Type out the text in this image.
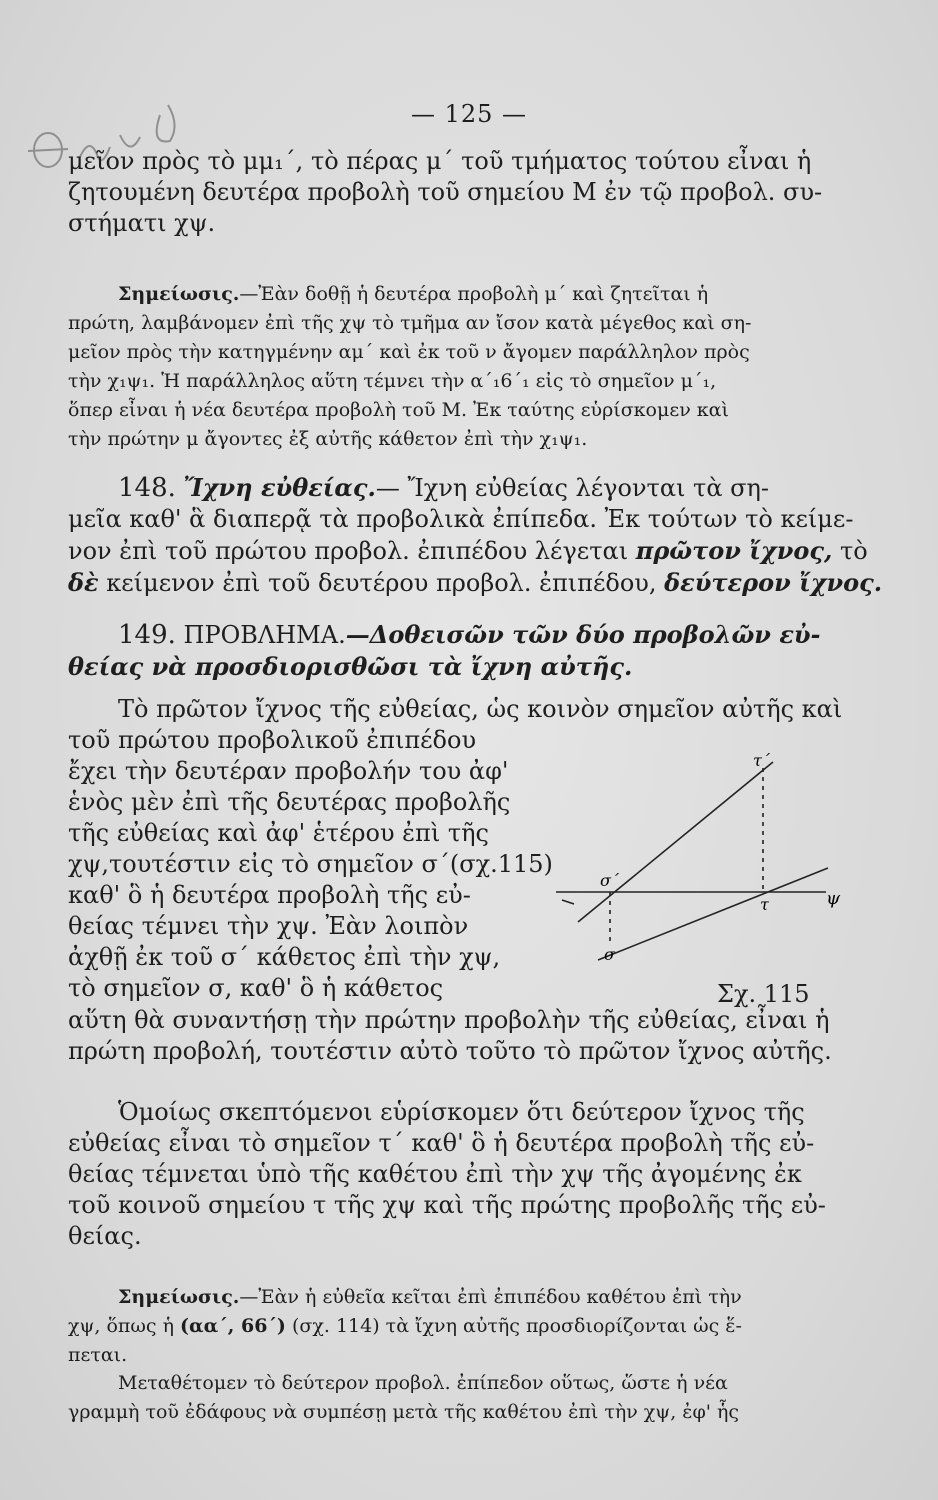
— 125 —
μεῖον πρὸς τὸ μμ₁΄, τὸ πέρας μ΄ τοῦ τμήματος τούτου εἶναι ἡ
ζητουμένη δευτέρα προβολὴ τοῦ σημείου Μ ἐν τῷ προβολ. συ-
στήματι χψ.
Σημείωσις.—Ἐὰν δοθῇ ἡ δευτέρα προβολὴ μ΄ καὶ ζητεῖται ἡ
πρώτη, λαμβάνομεν ἐπὶ τῆς χψ τὸ τμῆμα αν ἴσον κατὰ μέγεθος καὶ ση-
μεῖον πρὸς τὴν κατηγμένην αμ΄ καὶ ἐκ τοῦ ν ἄγομεν παράλληλον πρὸς
τὴν χ₁ψ₁. Ἡ παράλληλος αὕτη τέμνει τὴν α΄₁6΄₁ εἰς τὸ σημεῖον μ΄₁,
ὅπερ εἶναι ἡ νέα δευτέρα προβολὴ τοῦ Μ. Ἐκ ταύτης εὑρίσκομεν καὶ
τὴν πρώτην μ ἄγοντες ἐξ αὐτῆς κάθετον ἐπὶ τὴν χ₁ψ₁.
148. Ἴχνη εὐθείας.— Ἴχνη εὐθείας λέγονται τὰ ση-
μεῖα καθ' ἃ διαπερᾷ τὰ προβολικὰ ἐπίπεδα. Ἐκ τούτων τὸ κείμε-
νον ἐπὶ τοῦ πρώτου προβολ. ἐπιπέδου λέγεται πρῶτον ἴχνος, τὸ
δὲ κείμενον ἐπὶ τοῦ δευτέρου προβολ. ἐπιπέδου, δεύτερον ἴχνος.
149. ΠΡΟΒΛΗΜΑ.—Δοθεισῶν τῶν δύο προβολῶν εὐ-
θείας νὰ προσδιορισθῶσι τὰ ἴχνη αὐτῆς.
Τὸ πρῶτον ἴχνος τῆς εὐθείας, ὡς κοινὸν σημεῖον αὐτῆς καὶ
τοῦ πρώτου προβολικοῦ ἐπιπέδου
ἔχει τὴν δευτέραν προβολήν του ἀφ'
ἑνὸς μὲν ἐπὶ τῆς δευτέρας προβολῆς
τῆς εὐθείας καὶ ἀφ' ἑτέρου ἐπὶ τῆς
χψ,τουτέστιν εἰς τὸ σημεῖον σ΄(σχ.115)
καθ' ὃ ἡ δευτέρα προβολὴ τῆς εὐ-
θείας τέμνει τὴν χψ. Ἐὰν λοιπὸν
ἀχθῇ ἐκ τοῦ σ΄ κάθετος ἐπὶ τὴν χψ,
τὸ σημεῖον σ, καθ' ὃ ἡ κάθετος
τ΄
σ΄
τ
σ
ψ
Σχ. 115
αὕτη θὰ συναντήσῃ τὴν πρώτην προβολὴν τῆς εὐθείας, εἶναι ἡ
πρώτη προβολή, τουτέστιν αὐτὸ τοῦτο τὸ πρῶτον ἴχνος αὐτῆς.
Ὁμοίως σκεπτόμενοι εὑρίσκομεν ὅτι δεύτερον ἴχνος τῆς
εὐθείας εἶναι τὸ σημεῖον τ΄ καθ' ὃ ἡ δευτέρα προβολὴ τῆς εὐ-
θείας τέμνεται ὑπὸ τῆς καθέτου ἐπὶ τὴν χψ τῆς ἀγομένης ἐκ
τοῦ κοινοῦ σημείου τ τῆς χψ καὶ τῆς πρώτης προβολῆς τῆς εὐ-
θείας.
Σημείωσις.—Ἐὰν ἡ εὐθεῖα κεῖται ἐπὶ ἐπιπέδου καθέτου ἐπὶ τὴν
χψ, ὅπως ἡ (αα΄, 66΄) (σχ. 114) τὰ ἴχνη αὐτῆς προσδιορίζονται ὡς ἕ-
πεται.
Μεταθέτομεν τὸ δεύτερον προβολ. ἐπίπεδον οὕτως, ὥστε ἡ νέα
γραμμὴ τοῦ ἐδάφους νὰ συμπέσῃ μετὰ τῆς καθέτου ἐπὶ τὴν χψ, ἐφ' ἧς
